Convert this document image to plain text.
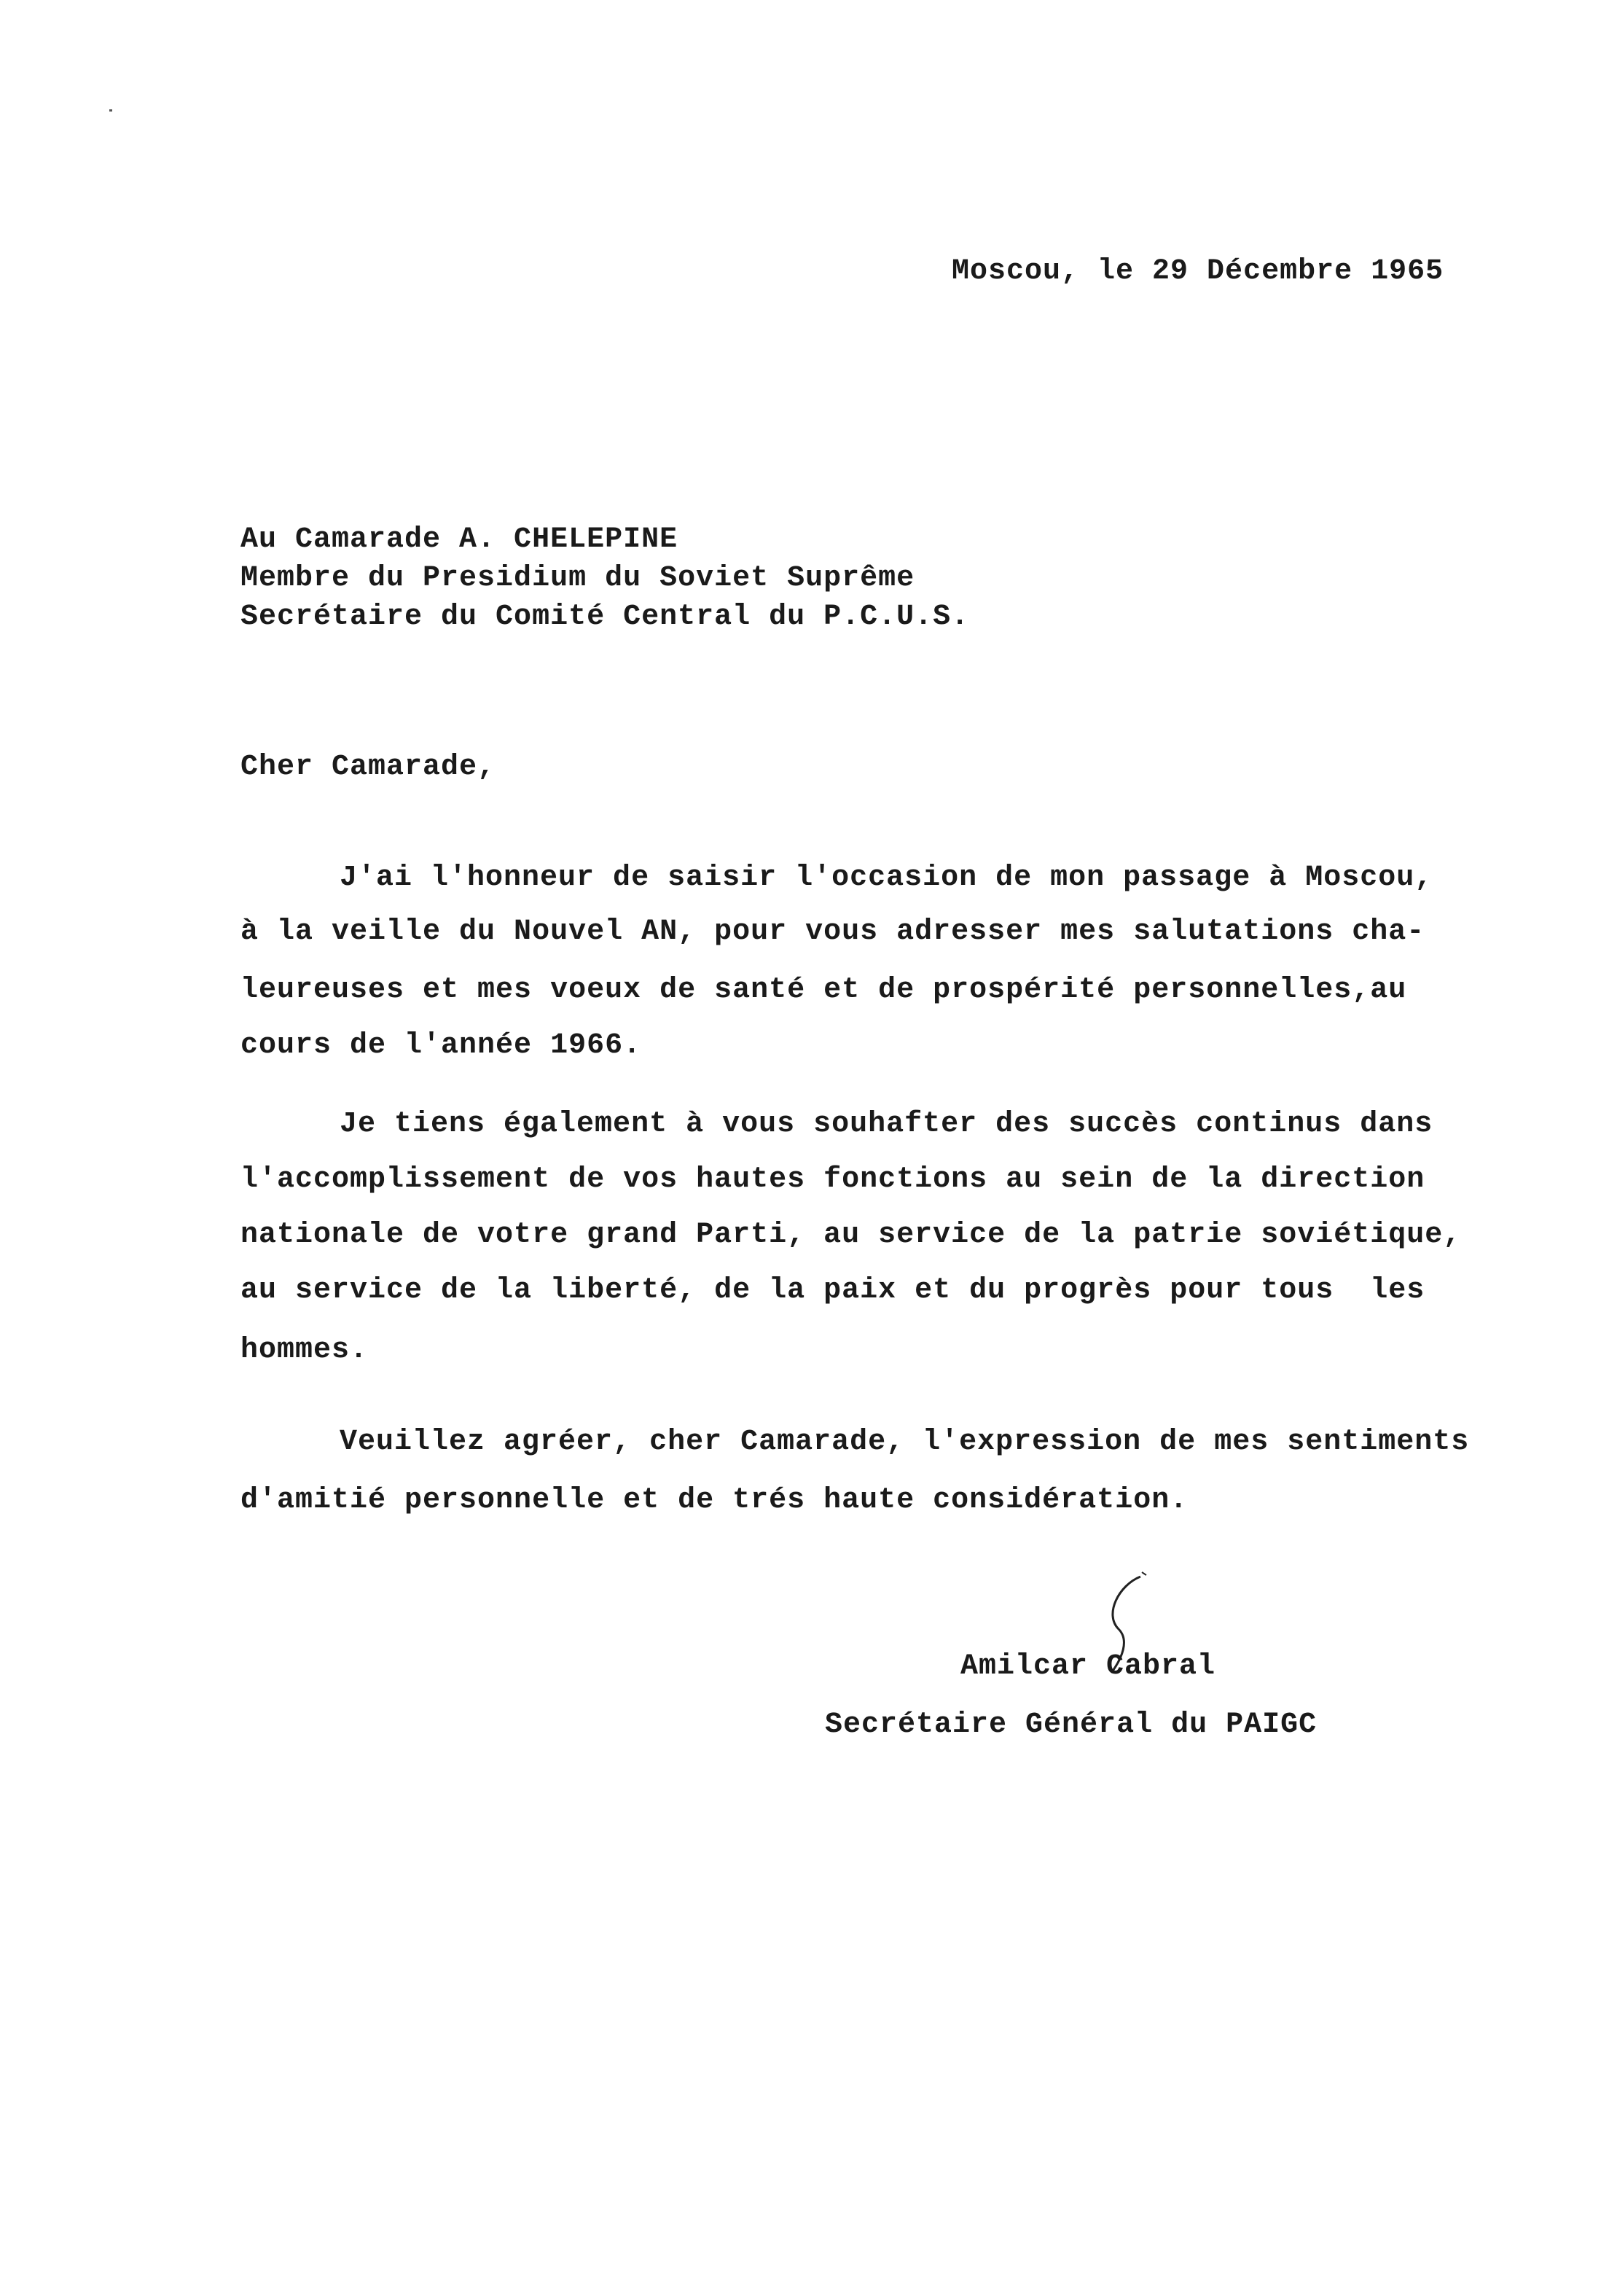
Moscou, le 29 Décembre 1965
Au Camarade A. CHELEPINE
Membre du Presidium du Soviet Suprême
Secrétaire du Comité Central du P.C.U.S.
Cher Camarade,
J'ai l'honneur de saisir l'occasion de mon passage à Moscou,
à la veille du Nouvel AN, pour vous adresser mes salutations cha-
leureuses et mes voeux de santé et de prospérité personnelles,au
cours de l'année 1966.
Je tiens également à vous souhafter des succès continus dans
l'accomplissement de vos hautes fonctions au sein de la direction
nationale de votre grand Parti, au service de la patrie soviétique,
au service de la liberté, de la paix et du progrès pour tous  les
hommes.
Veuillez agréer, cher Camarade, l'expression de mes sentiments
d'amitié personnelle et de trés haute considération.
Amilcar Cabral
Secrétaire Général du PAIGC
